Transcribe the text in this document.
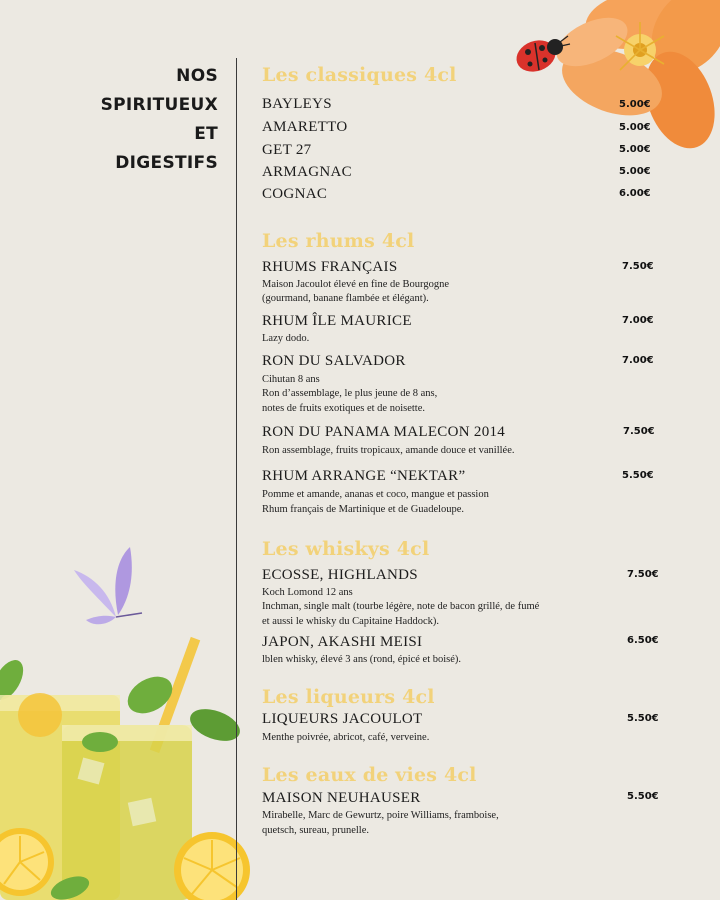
NOS
SPIRITUEUX
ET
DIGESTIFS
Les classiques 4cl
BAYLEYS	5.00€
AMARETTO	5.00€
GET 27	5.00€
ARMAGNAC	5.00€
COGNAC	6.00€
Les rhums 4cl
RHUMS FRANÇAIS	7.50€
Maison Jacoulot élevé en fine de Bourgogne
(gourmand, banane flambée et élégant).
RHUM ÎLE MAURICE	7.00€
Lazy dodo.
RON DU SALVADOR	7.00€
Cihutan 8 ans
Ron d’assemblage, le plus jeune de 8 ans,
notes de fruits exotiques et de noisette.
RON DU PANAMA MALECON 2014	7.50€
Ron assemblage, fruits tropicaux, amande douce et vanillée.
RHUM ARRANGE “NEKTAR”	5.50€
Pomme et amande, ananas et coco, mangue et passion
Rhum français de Martinique et de Guadeloupe.
Les whiskys 4cl
ECOSSE, HIGHLANDS	7.50€
Koch Lomond 12 ans
Inchman, single malt (tourbe légère, note de bacon grillé, de fumé
et aussi le whisky du Capitaine Haddock).
JAPON, AKASHI MEISI	6.50€
lblen whisky, élevé 3 ans (rond, épicé et boisé).
Les liqueurs 4cl
LIQUEURS JACOULOT	5.50€
Menthe poivrée, abricot, café, verveine.
Les eaux de vies 4cl
MAISON NEUHAUSER	5.50€
Mirabelle, Marc de Gewurtz, poire Williams, framboise,
quetsch, sureau, prunelle.
